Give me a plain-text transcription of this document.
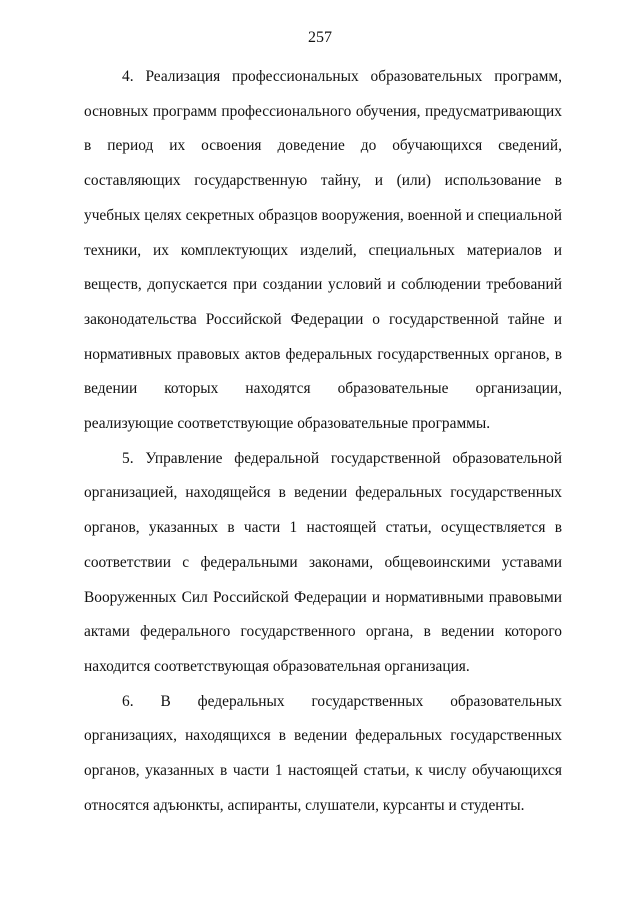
257

4. Реализация профессиональных образовательных программ, основных программ профессионального обучения, предусматривающих в период их освоения доведение до обучающихся сведений, составляющих государственную тайну, и (или) использование в учебных целях секретных образцов вооружения, военной и специальной техники, их комплектующих изделий, специальных материалов и веществ, допускается при создании условий и соблюдении требований законодательства Российской Федерации о государственной тайне и нормативных правовых актов федеральных государственных органов, в ведении которых находятся образовательные организации, реализующие соответствующие образовательные программы.

5. Управление федеральной государственной образовательной организацией, находящейся в ведении федеральных государственных органов, указанных в части 1 настоящей статьи, осуществляется в соответствии с федеральными законами, общевоинскими уставами Вооруженных Сил Российской Федерации и нормативными правовыми актами федерального государственного органа, в ведении которого находится соответствующая образовательная организация.

6. В федеральных государственных образовательных организациях, находящихся в ведении федеральных государственных органов, указанных в части 1 настоящей статьи, к числу обучающихся относятся адъюнкты, аспиранты, слушатели, курсанты и студенты.
